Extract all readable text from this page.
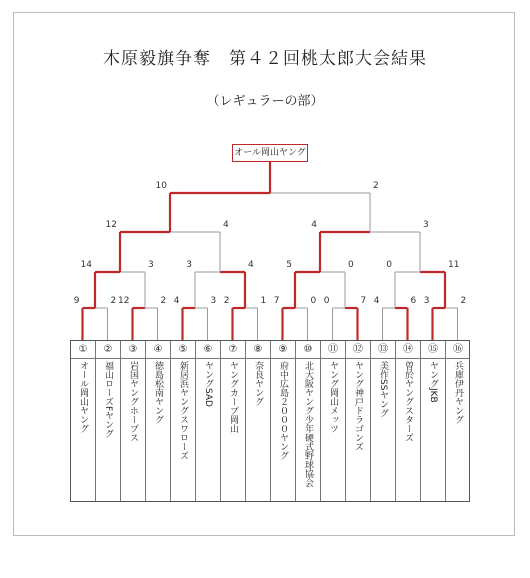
木原毅旗争奪　第４２回桃太郎大会結果
（レギュラーの部）
オール岡山ヤング
9	2 12	2 4	3 2	1 7	0 0	7 4	6 3	2
14	3	3	4	5	0	0	11
12	4	4	3
10	2
①
オール岡山ヤング
②
福山ローズFヤング
③
岩国ヤングホープス
④
徳島松南ヤング
⑤
新居浜ヤングスワローズ
⑥
ヤングSAD
⑦
ヤングカープ岡山
⑧
奈良ヤング
⑨
府中広島２０００ヤング
⑩
北大阪ヤング少年硬式野球協会
⑪
ヤング岡山メッツ
⑫
ヤング神戸ドラゴンズ
⑬
美作SSヤング
⑭
曽於ヤングスターズ
⑮
ヤングJKB
⑯
兵庫伊丹ヤング
